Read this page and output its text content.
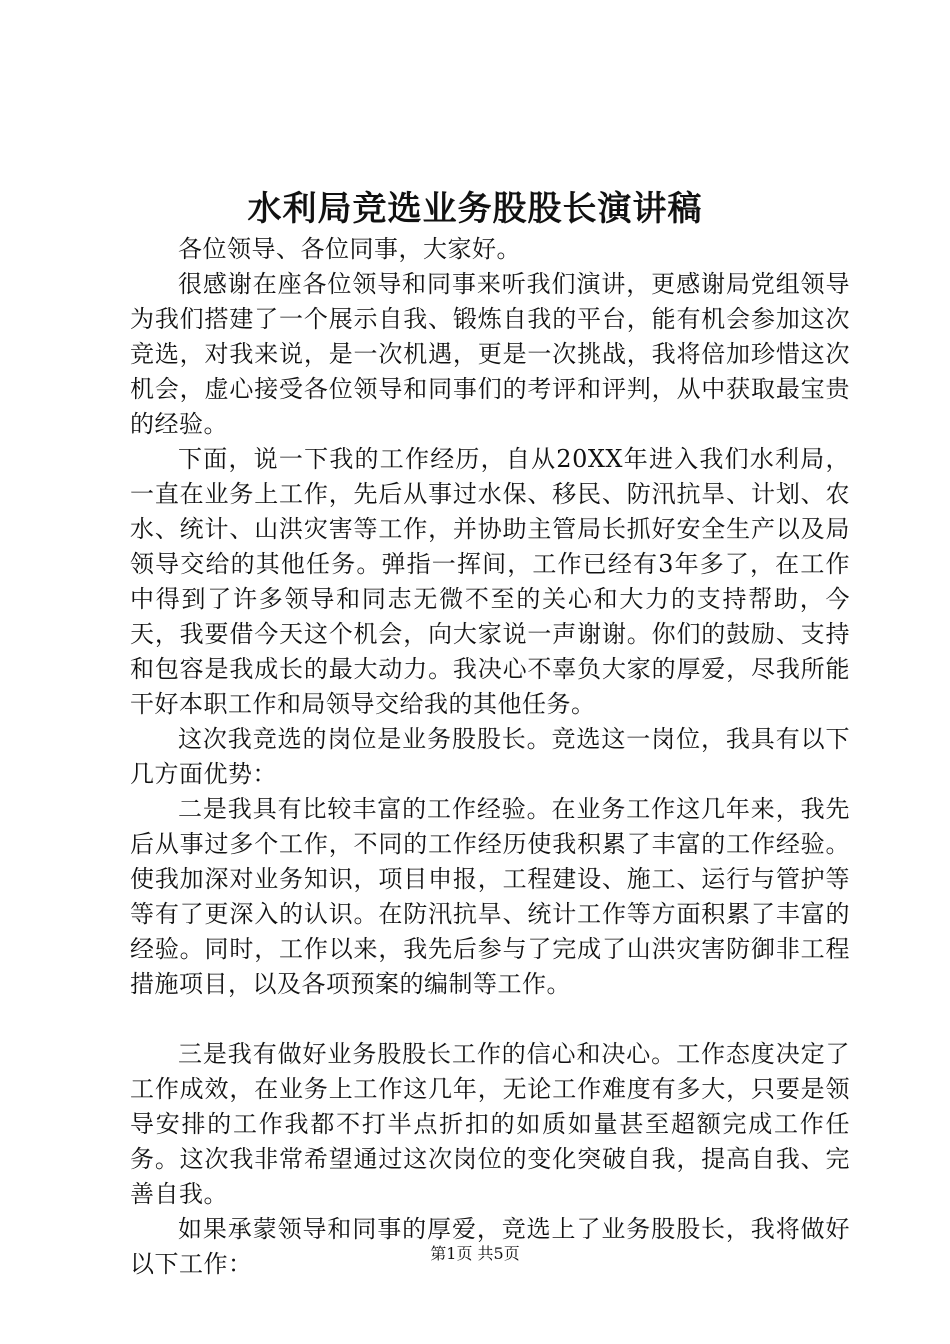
水利局竞选业务股股长演讲稿

各位领导、各位同事，大家好。

很感谢在座各位领导和同事来听我们演讲，更感谢局党组领导为我们搭建了一个展示自我、锻炼自我的平台，能有机会参加这次竞选，对我来说，是一次机遇，更是一次挑战，我将倍加珍惜这次机会，虚心接受各位领导和同事们的考评和评判，从中获取最宝贵的经验。

下面，说一下我的工作经历，自从20XX年进入我们水利局，一直在业务上工作，先后从事过水保、移民、防汛抗旱、计划、农水、统计、山洪灾害等工作，并协助主管局长抓好安全生产以及局领导交给的其他任务。弹指一挥间，工作已经有3年多了，在工作中得到了许多领导和同志无微不至的关心和大力的支持帮助，今天，我要借今天这个机会，向大家说一声谢谢。你们的鼓励、支持和包容是我成长的最大动力。我决心不辜负大家的厚爱，尽我所能干好本职工作和局领导交给我的其他任务。

这次我竞选的岗位是业务股股长。竞选这一岗位，我具有以下几方面优势：

二是我具有比较丰富的工作经验。在业务工作这几年来，我先后从事过多个工作，不同的工作经历使我积累了丰富的工作经验。使我加深对业务知识，项目申报，工程建设、施工、运行与管护等等有了更深入的认识。在防汛抗旱、统计工作等方面积累了丰富的经验。同时，工作以来，我先后参与了完成了山洪灾害防御非工程措施项目，以及各项预案的编制等工作。

三是我有做好业务股股长工作的信心和决心。工作态度决定了工作成效，在业务上工作这几年，无论工作难度有多大，只要是领导安排的工作我都不打半点折扣的如质如量甚至超额完成工作任务。这次我非常希望通过这次岗位的变化突破自我，提高自我、完善自我。

如果承蒙领导和同事的厚爱，竞选上了业务股股长，我将做好以下工作：	第1页 共5页
